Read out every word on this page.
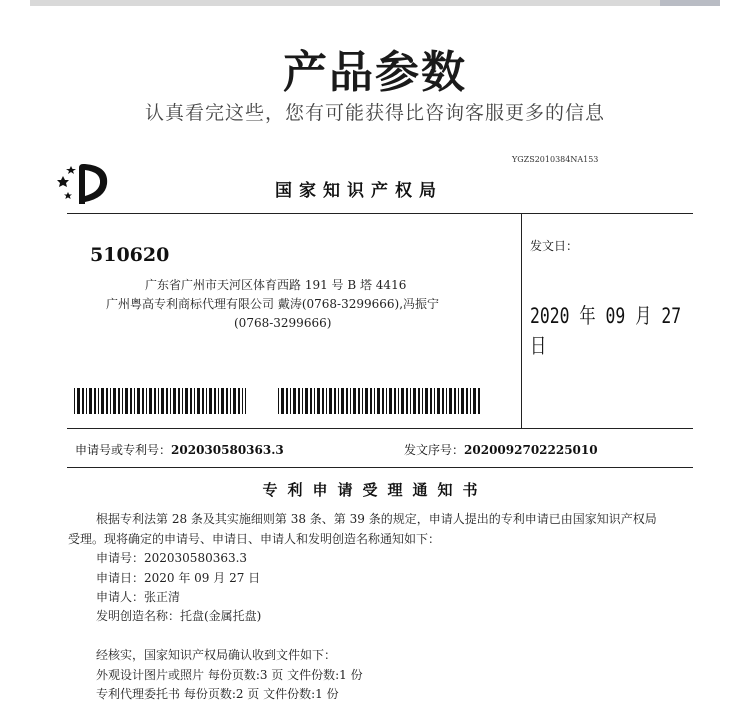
产品参数
认真看完这些，您有可能获得比咨询客服更多的信息
YGZS2010384NA153
国家知识产权局
510620
广东省广州市天河区体育西路 191 号 B 塔 4416
广州粤高专利商标代理有限公司 戴涛(0768-3299666),冯振宁
(0768-3299666)
发文日：
2020 年 09 月 27 日
申请号或专利号：202030580363.3	发文序号：2020092702225010
专利申请受理通知书
根据专利法第 28 条及其实施细则第 38 条、第 39 条的规定，申请人提出的专利申请已由国家知识产权局
受理。现将确定的申请号、申请日、申请人和发明创造名称通知如下：
申请号：202030580363.3
申请日：2020 年 09 月 27 日
申请人：张正清
发明创造名称：托盘(金属托盘)
经核实，国家知识产权局确认收到文件如下：
外观设计图片或照片 每份页数:3 页 文件份数:1 份
专利代理委托书 每份页数:2 页 文件份数:1 份
